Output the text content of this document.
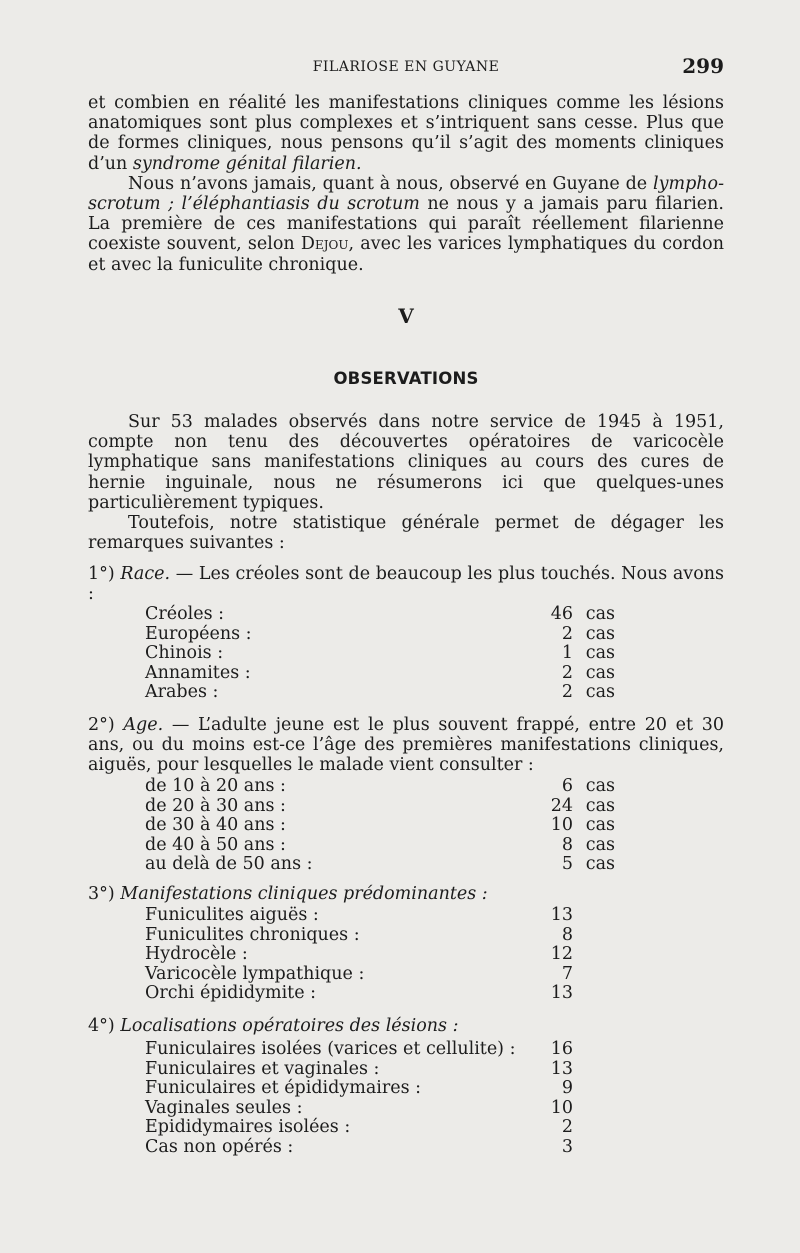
FILARIOSE EN GUYANE	299

et combien en réalité les manifestations cliniques comme les lésions anatomiques sont plus complexes et s’intriquent sans cesse. Plus que de formes cliniques, nous pensons qu’il s’agit des moments cliniques d’un syndrome génital filarien.

Nous n’avons jamais, quant à nous, observé en Guyane de lympho-scrotum ; l’éléphantiasis du scrotum ne nous y a jamais paru filarien. La première de ces manifestations qui paraît réellement filarienne coexiste souvent, selon Dejou, avec les varices lymphatiques du cordon et avec la funiculite chronique.

V
OBSERVATIONS

Sur 53 malades observés dans notre service de 1945 à 1951, compte non tenu des découvertes opératoires de varicocèle lymphatique sans manifestations cliniques au cours des cures de hernie inguinale, nous ne résumerons ici que quelques-unes particulièrement typiques.

Toutefois, notre statistique générale permet de dégager les remarques suivantes :

1°) Race. — Les créoles sont de beaucoup les plus touchés. Nous avons :
Créoles :	46 cas
Européens :	2 cas
Chinois :	1 cas
Annamites :	2 cas
Arabes :	2 cas
2°) Age. — L’adulte jeune est le plus souvent frappé, entre 20 et 30 ans, ou du moins est-ce l’âge des premières manifestations cliniques, aiguës, pour lesquelles le malade vient consulter :
de 10 à 20 ans :	6 cas
de 20 à 30 ans :	24 cas
de 30 à 40 ans :	10 cas
de 40 à 50 ans :	8 cas
au delà de 50 ans :	5 cas
3°) Manifestations cliniques prédominantes :
Funiculites aiguës :	13
Funiculites chroniques :	8
Hydrocèle :	12
Varicocèle lympathique :	7
Orchi épididymite :	13
4°) Localisations opératoires des lésions :
Funiculaires isolées (varices et cellulite) : 16
Funiculaires et vaginales :	13
Funiculaires et épididymaires :	9
Vaginales seules :	10
Epididymaires isolées :	2
Cas non opérés :	3
